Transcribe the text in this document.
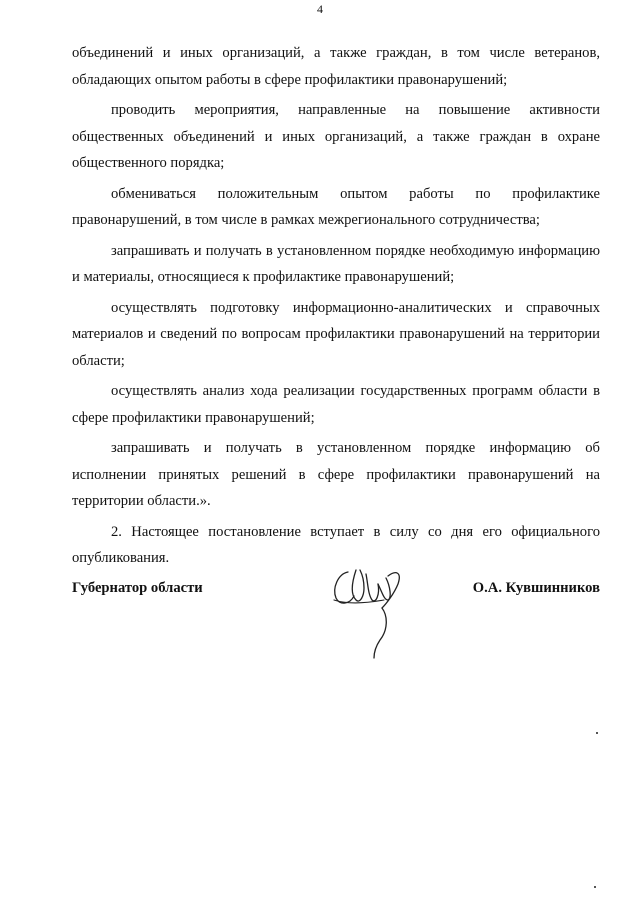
4

объединений и иных организаций, а также граждан, в том числе ветеранов, обладающих опытом работы в сфере профилактики правонарушений;

проводить мероприятия, направленные на повышение активности общественных объединений и иных организаций, а также граждан в охране общественного порядка;

обмениваться положительным опытом работы по профилактике правонарушений, в том числе в рамках межрегионального сотрудничества;

запрашивать и получать в установленном порядке необходимую информацию и материалы, относящиеся к профилактике правонарушений;

осуществлять подготовку информационно-аналитических и справочных материалов и сведений по вопросам профилактики правонарушений на территории области;

осуществлять анализ хода реализации государственных программ области в сфере профилактики правонарушений;

запрашивать и получать в установленном порядке информацию об исполнении принятых решений в сфере профилактики правонарушений на территории области.».

2. Настоящее постановление вступает в силу со дня его официального опубликования.

Губернатор области	О.А. Кувшинников
